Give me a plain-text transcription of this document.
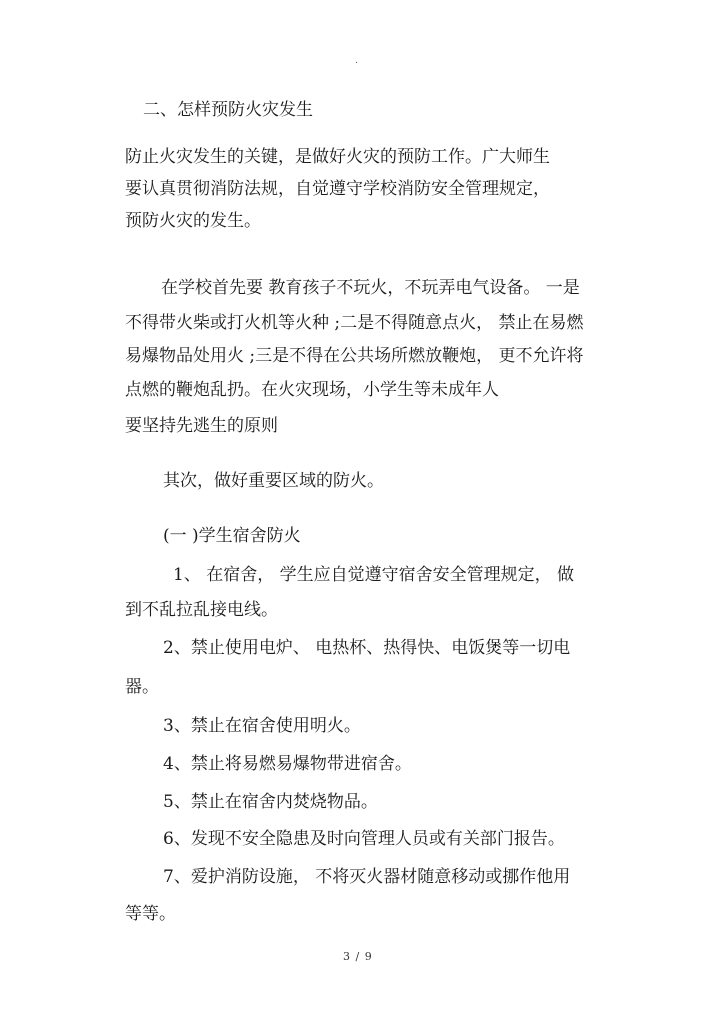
.
二、怎样预防火灾发生
防止火灾发生的关键，是做好火灾的预防工作。广大师生
要认真贯彻消防法规，自觉遵守学校消防安全管理规定，
预防火灾的发生。
在学校首先要 教育孩子不玩火，不玩弄电气设备。 一是
不得带火柴或打火机等火种 ;二是不得随意点火， 禁止在易燃
易爆物品处用火 ;三是不得在公共场所燃放鞭炮， 更不允许将
点燃的鞭炮乱扔。在火灾现场，小学生等未成年人
要坚持先逃生的原则
其次，做好重要区域的防火。
(一 )学生宿舍防火
1、 在宿舍， 学生应自觉遵守宿舍安全管理规定， 做
到不乱拉乱接电线。
2、禁止使用电炉、 电热杯、热得快、电饭煲等一切电
器。
3、禁止在宿舍使用明火。
4、禁止将易燃易爆物带进宿舍。
5、禁止在宿舍内焚烧物品。
6、发现不安全隐患及时向管理人员或有关部门报告。
7、爱护消防设施， 不将灭火器材随意移动或挪作他用
等等。
3 / 9
